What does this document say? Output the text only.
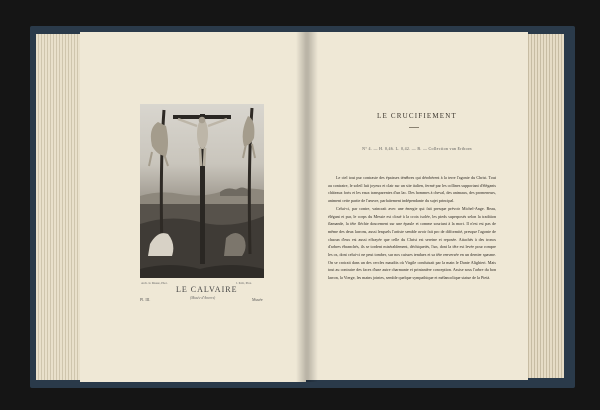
Arch. Io Musée, Phot.	J. Petit, Phot.
LE CALVAIRE
(Musée d'Anvers)
Pl. III.	Musée
LE CRUCIFIEMENT
N° 4. — H. 0,46. L. 0,42. — B. — Collection van Ertborn

Le ciel tout pur contraste des épaisses ténèbres qui dérobèrent à la terre l'agonie du Christ. Tout au contraire, le soleil luit joyeux et clair sur un site italien, fermé par les collines supportant d'élégants châteaux forts et les eaux transparentes d'un lac. Des hommes à cheval, des animaux, des promeneurs, animent cette partie de l'œuvre, parfaitement indépendante du sujet principal.

Celui-ci, par contre, vaincrait avec une énergie qui fait presque prévoir Michel-Ange. Beau, élégant et pur, le corps du Messie est cloué à la croix isolée, les pieds superposés selon la tradition flamande, la tête fléchie doucement sur une épaule et comme souriant à la mort. Il n'est est pas de même des deux larrons, aussi lesquels l'artiste semble avoir fait pro de difformité, presque l'agonie de chacun d'eux est aussi effrayée que celle du Christ est sereine et reposée. Attachés à des troncs d'arbres ébranchés, ils se tordent misérablement, déchiquetés, l'un, dont la tête est levée pour rompre les os, dont celui-ci ne peut tomber, sur nos cuisses tendues et sa tête renversée en un dernier spasme. On se croirait dans un des cercles maudits où Virgile conduisait par la main le Dante Alighieri. Mais tout au contraire des faces d'une autre charmante et printanière conception. Assise sous l'arbre du bon larron, la Vierge, les mains jointes, semble quelque sympathique et mélancolique statue de la Pietà.
